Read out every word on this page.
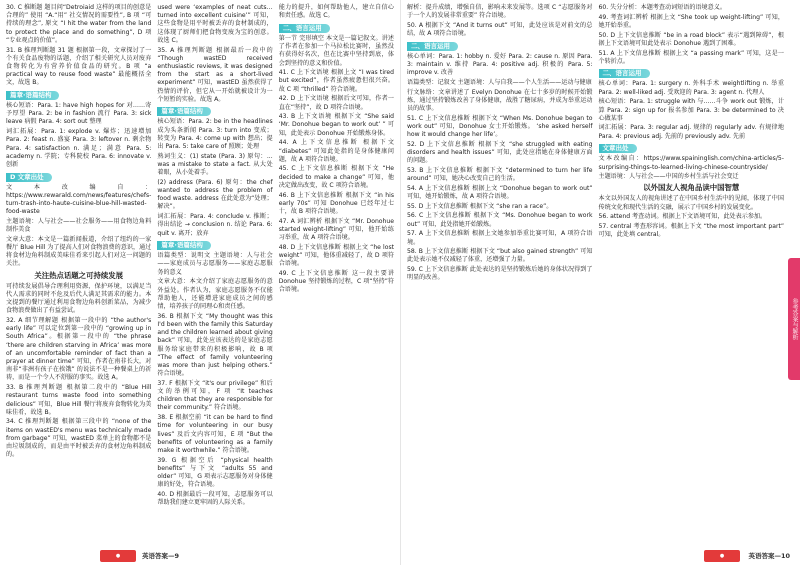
30. C 推断题 题目问“Detroiaid 这样的项目的创意是合理的” 使用 “A.“用” 社交情况的需要性”, B 项 “可持续的理念”, 原文 “I hit the water from the land to protect the place and do something”, D 项 “专业观点的价值”。
31. B 推理判断题 31 题 根据第一段，文章探讨了一个有关食品废物的话题，介绍了相关研究人员对废弃食物转化为有营养价值食品的研究。B 项 “a practical way to reuse food waste” 最能概括全文，故选 B。
篇章·语篇结构
核心短语：Para. 1: have high hopes for 对……寄予厚望 Para. 2: be in fashion 流行 Para. 3: sick leave 病假 Para. 4: sort out 整理
词汇拓展：Para. 1: explode v. 爆炸；迅速增加 Para. 2: feast n. 盛宴 Para. 3: leftover n. 剩余物 Para. 4: satisfaction n. 满足；满意 Para. 5: academy n. 学院；专科院校 Para. 6: innovate v. 创新
D 文章出处
文本改编自：https://www.rewarald.com/news/features/chefs-turn-trash-into-haute-cuisine-blue-hill-wasted-food-waste
主题语境：人与社会——社会服务——用食物边角料制作美食
文章大意：本文是一篇新闻报道，介绍了纽约的一家餐厅 Blue Hill 为了提高人们对食物浪费的意识，通过将食材边角料制成美味佳肴来引起人们对这一问题的关注。
关注热点话题之可持续发展
可持续发展倡导合理利用资源，保护环境，以满足当代人需求的同时不危及后代人满足其需求的能力。本文提到的餐厅通过利用食物边角料创新菜品，为减少食物浪费做出了有益尝试。
32. A 细节理解题 根据第一段中的 “the author's early life” 可以定位到第一段中的 “growing up in South Africa”。根据第一段中的 “the phrase ‘there are children starving in Africa’ was more of an uncomfortable reminder of fact than a prayer at dinner time” 可知，作者在南非长大，对南非“非洲有孩子在挨饿” 的说法不是一种餐桌上的祈祷，而是一个令人不舒服的事实。故选 A。
33. B 推理判断题 根据第二段中的 “Blue Hill restaurant turns waste food into something delicious” 可知，Blue Hill 餐厅将废弃食物转化为美味佳肴，故选 B。
34. C 推理判断题 根据第三段中的 “none of the items on wastED's menu was technically made from garbage” 可知，wastED 菜单上的食物都不是由垃圾制成的，而是由平时被丢弃的食材边角料制成的。
used were ‘examples of neat cuts… turned into excellent cuisine’” 可知，这些食物是用平时被丢弃的食材制成的，这体现了厨师们把食物变废为宝的创意。故选 C。
35. A 推理判断题 根据最后一段中的 “Though wastED received enthusiastic reviews, it was designed from the start as a short-lived experiment” 可知，wastED 虽然获得了热情的评价，但它从一开始就被设计为一个短暂的实验。故选 A。
篇章·语篇结构
核心短语：Para. 2: be in the headlines 成为头条新闻 Para. 3: turn into 变成；转变为 Para. 4: come up with 想出；提出 Para. 5: take care of 照顾；处理
熟词生义：(1) state (Para. 3) 原句：... was a mistake to state a fact. 从大处着眼，从小处着手。
(2) address (Para. 6) 原句：the chef wanted to address the problem of food waste. address 在此处意为“处理；解决”。
词汇拓展：Para. 4: conclude v. 推断；得出结论 → conclusion n. 结论 Para. 6: quit v. 离开；放弃
篇章·语篇结构
语篇类型：说明文 主题语境：人与社会——家庭成员与志愿服务——家庭志愿服务的意义
文章大意：本文介绍了家庭志愿服务的意外益处。作者认为，家庭志愿服务不仅能帮助他人，还能增进家庭成员之间的感情，培养孩子的同理心和责任感。
36. B 根据下文 “My thought was this I'd been with the family this Saturday and the children learned about giving back” 可知，此处应该表达的是家庭志愿服务给家庭带来的积极影响，故 B 项 “The effect of family volunteering was more than just helping others.” 符合语境。
37. F 根据下文 “it's our privilege” 和后文的举例可知，F 项 “It teaches children that they are responsible for their community.” 符合语境。
38. E 根据空前 “it can be hard to find time for volunteering in our busy lives” 及后文内容可知，E 项 “But the benefits of volunteering as a family make it worthwhile.” 符合语境。
39. G 根据空后 “physical health benefits” 与下文 “adults 55 and older” 可知，G 项表示志愿服务对身体健康的好处，符合语境。
40. D 根据最后一段可知，志愿服务可以帮助我们建立更牢固的人际关系。
能力的提升，如何帮助他人，建立自信心和责任感。故选 C。
二、语言运用
第一节 完形填空 本文是一篇记叙文。讲述了作者在参加一个马拉松比赛时，虽然没有获得好名次，但在比赛中坚持到底，体会到坚持的意义和价值。
41. C 上下文语境 根据上文 “I was tired but excited”，作者虽然疲惫但很兴奋。故 C 项 “thrilled” 符合语境。
42. D 上下文语境 根据后文可知，作者一直在“坚持”，故 D 项符合语境。
43. B 上下文语境 根据下文 “She said ‘Mr. Donohue began to work out’ ” 可知，此处表示 Donohue 开始锻炼身体。
44. A 上下文信息推断 根据下文 “diabetes” 可知此处指的是身体健康问题，故 A 项符合语境。
45. C 上下文信息推断 根据下文 “He decided to make a change” 可知，他决定做出改变，故 C 项符合语境。
46. B 上下文信息推断 根据下文 “in his early 70s” 可知 Donohue 已经年过七十，故 B 项符合语境。
47. A 词汇辨析 根据下文 “Mr. Donohue started weight-lifting” 可知，他开始练习举重，故 A 项符合语境。
48. D 上下文信息推断 根据上文 “he lost weight” 可知，他体重减轻了，故 D 项符合语境。
49. C 上下文信息推断 这一段主要讲 Donohue 坚持锻炼的过程，C 项“坚持”符合语境。
●	英语答案—9
解析：提升成绩，增强自信，影响未来发展等。选项 C “志愿服务对于一个人的发展非常重要” 符合语境。
50. A 根据下文 “And it turns out” 可知，此处应该是对前文的总结，故 A 项符合语境。
二、语言运用
核心单词：Para. 1: hobby n. 爱好 Para. 2: cause n. 原因 Para. 3: maintain v. 维持 Para. 4: positive adj. 积极的 Para. 5: improve v. 改善
语篇类型：记叙文 主题语境：人与自我——个人生活——运动与健康
行文脉络：文章讲述了 Evelyn Donohue 在七十多岁的时候开始锻炼，通过坚持锻炼改善了身体健康，战胜了糖尿病，并成为举重运动员的故事。
51. C 上下文信息推断 根据下文 “When Ms. Donohue began to work out” 可知，Donohue 女士开始锻炼。 ‘she asked herself how it would change her life’。
52. D 上下文信息推断 根据下文 “she struggled with eating disorders and health issues” 可知，此处应指她在身体健康方面的问题。
53. B 上下文信息推断 根据下文 “determined to turn her life around” 可知，她决心改变自己的生活。
54. A 上下文信息推断 根据上文 “Donohue began to work out” 可知，她开始锻炼，故 A 项符合语境。
55. D 上下文信息推断 根据下文 “she ran a race”。
56. C 上下文信息推断 根据下文 “Ms. Donohue began to work out” 可知，此处指她开始锻炼。
57. A 上下文信息推断 根据上文她参加举重比赛可知，A 项符合语境。
58. B 上下文信息推断 根据下文 “but also gained strength” 可知此处表示她不仅减轻了体重，还增强了力量。
59. C 上下文信息推断 此处表达的是坚持锻炼后她的身体状况得到了明显的改善。
60. 失分分析：本题考查动词短语的语境意义。
49. 考查词汇辨析 根据上文 “She took up weight-lifting” 可知，她开始举重。
50. D 上下文信息推断 “be in a road block” 表示“遇到障碍”，根据上下文语境可知此处表示 Donohue 遇到了困难。
51. A 上下文信息推断 根据上文 “a passing mark” 可知，这是一个转折点。
二、语言运用
核心单词：Para. 1: surgery n. 外科手术 weightlifting n. 举重 Para. 2: well-liked adj. 受欢迎的 Para. 3: agent n. 代理人
核心短语：Para. 1: struggle with 与……斗争 work out 锻炼，计算 Para. 2: sign up for 报名参加 Para. 3: be determined to 决心做某事
词汇拓展：Para. 3: regular adj. 规律的 regularly adv. 有规律地 Para. 4: previous adj. 先前的 previously adv. 先前
文章出处
文本改编自：https://www.spaininglish.com/china-articles/5-surprising-things-to-learned-living-chinese-countryside/
主题语境：人与社会——中国的乡村生活与社会变迁
以外国友人视角品读中国智慧
本文以外国友人的视角讲述了在中国乡村生活中的见闻，体现了中国传统文化和现代生活的交融，展示了中国乡村的发展变化。
56. attend 考查动词。根据上下文语境可知，此处表示参加。
57. central 考查形容词。根据上下文 “the most important part” 可知，此处填 central。
参考答案与解析
●	英语答案—10
